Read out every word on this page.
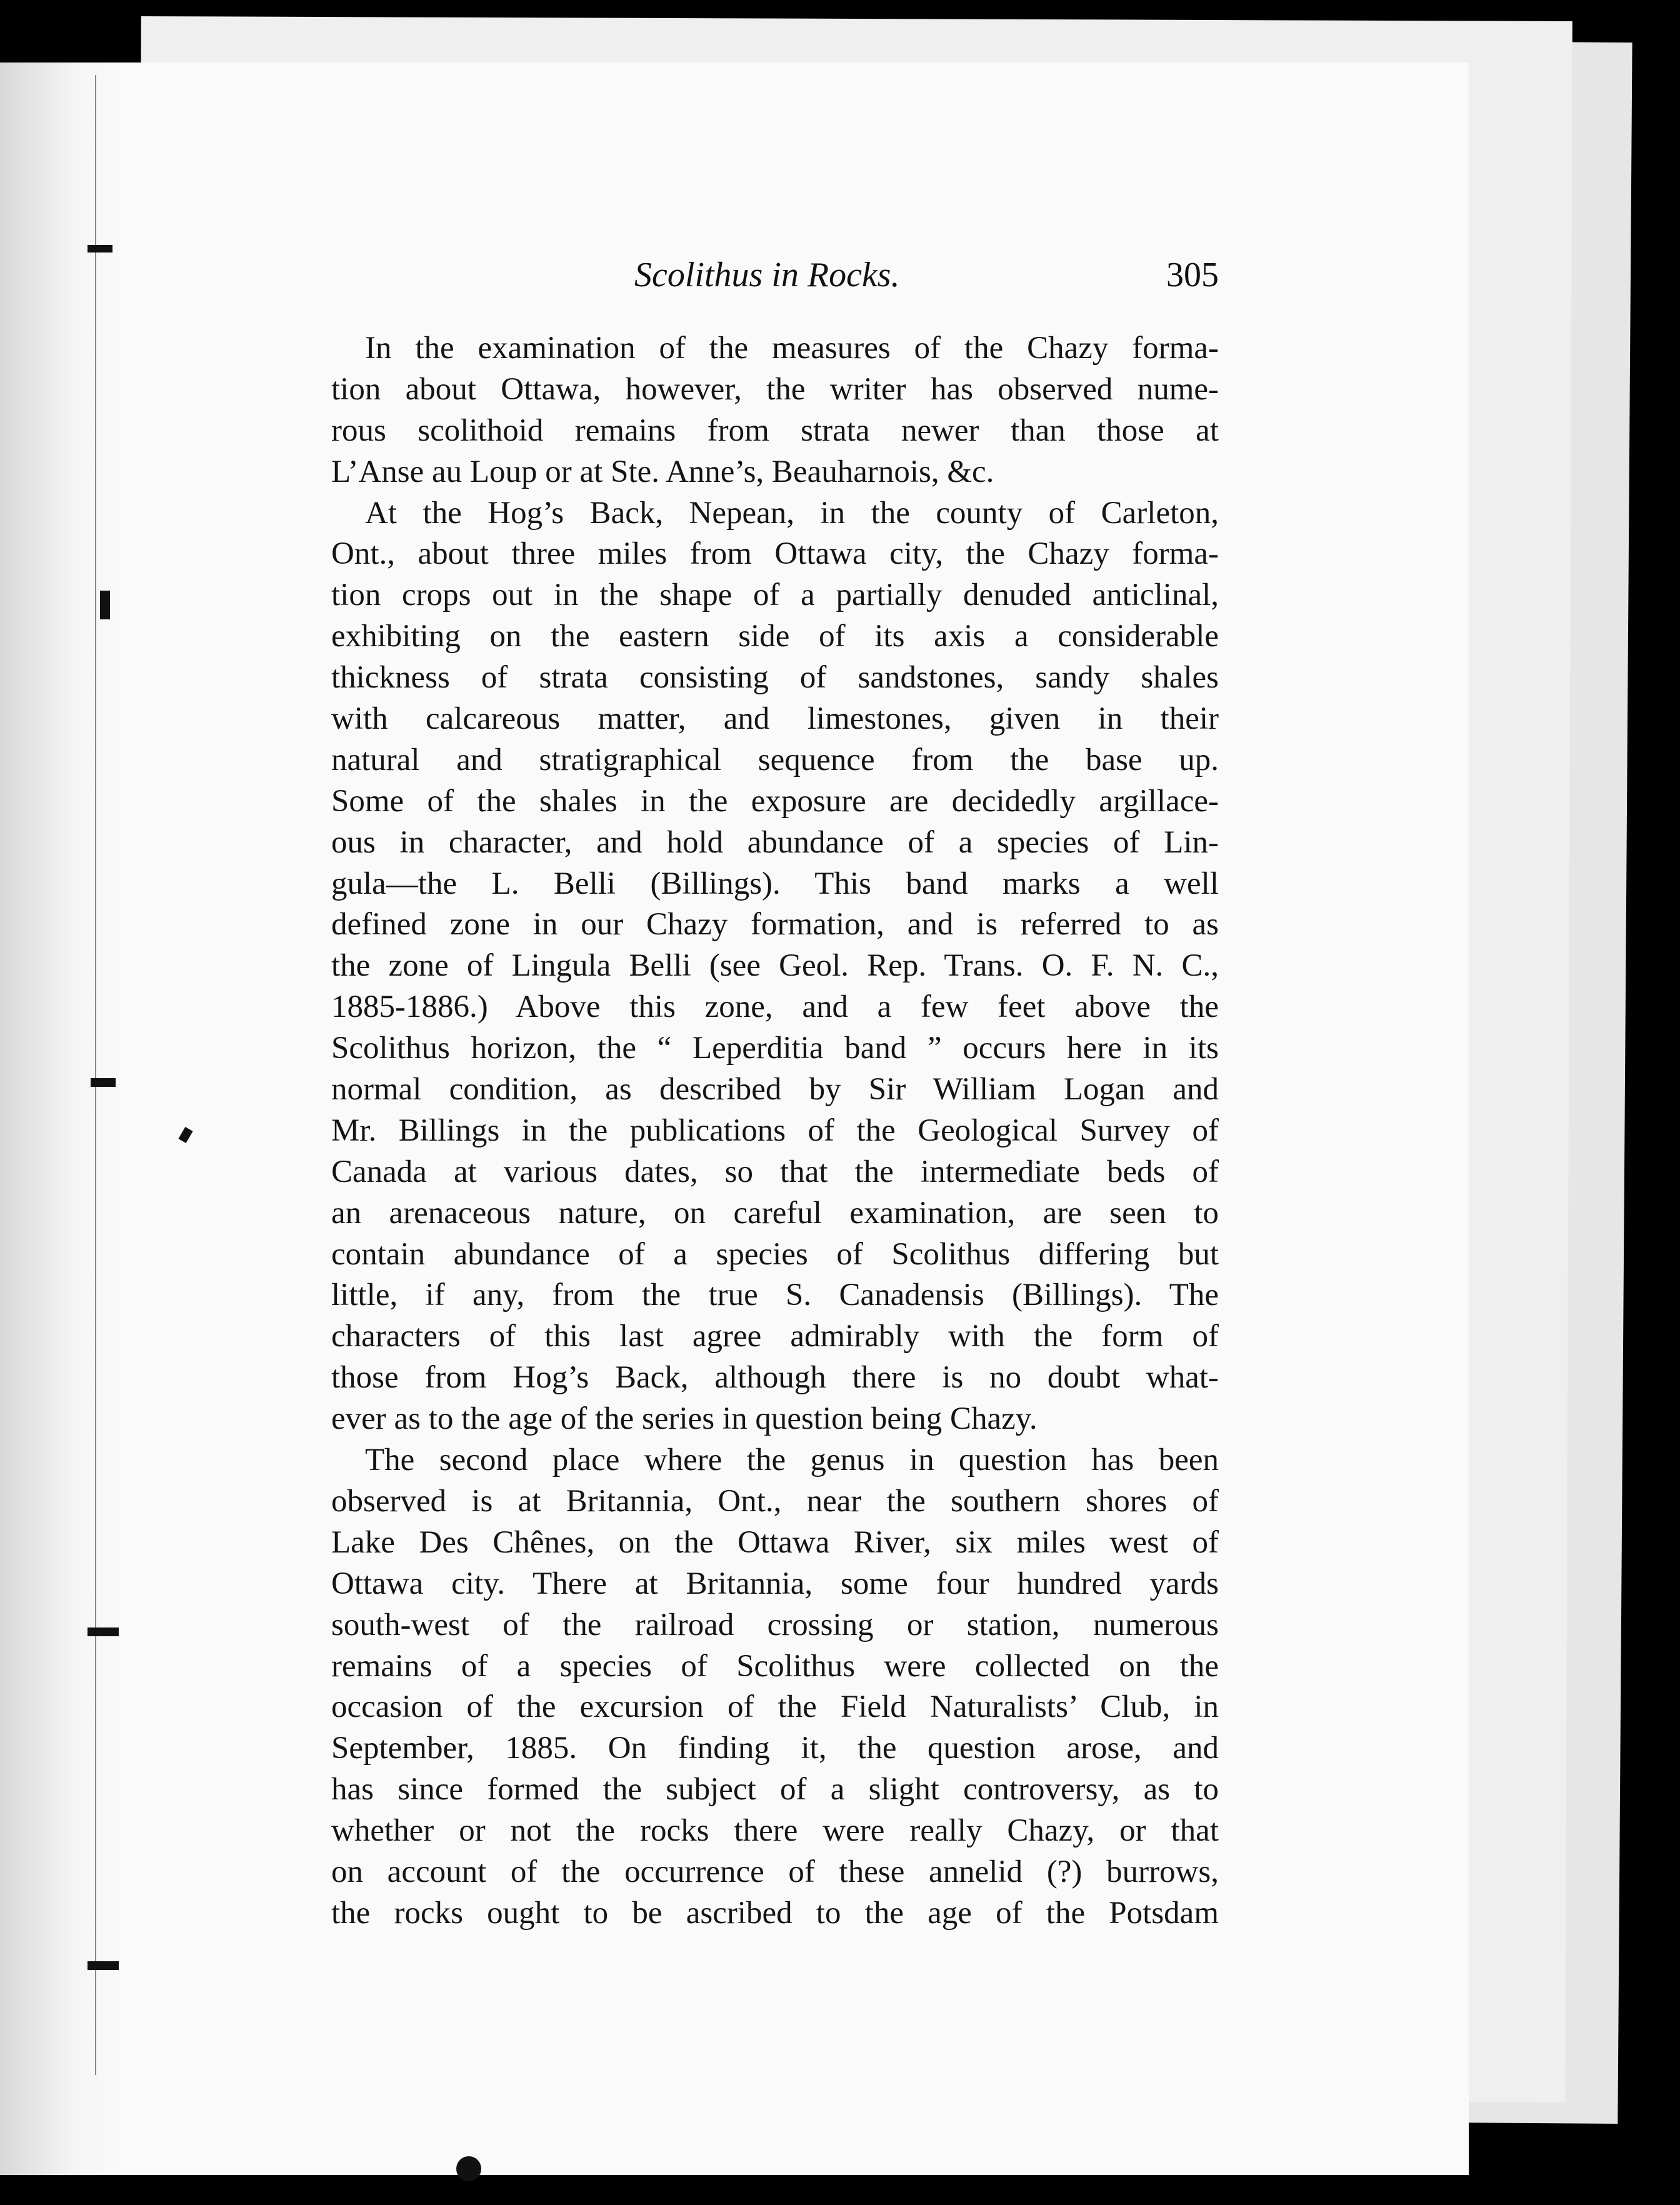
Scolithus in Rocks.	305
In the examination of the measures of the Chazy forma-
tion about Ottawa, however, the writer has observed nume-
rous scolithoid remains from strata newer than those at
L’Anse au Loup or at Ste. Anne’s, Beauharnois, &c.
At the Hog’s Back, Nepean, in the county of Carleton,
Ont., about three miles from Ottawa city, the Chazy forma-
tion crops out in the shape of a partially denuded anticlinal,
exhibiting on the eastern side of its axis a considerable
thickness of strata consisting of sandstones, sandy shales
with calcareous matter, and limestones, given in their
natural and stratigraphical sequence from the base up.
Some of the shales in the exposure are decidedly argillace-
ous in character, and hold abundance of a species of Lin-
gula—the L. Belli (Billings). This band marks a well
defined zone in our Chazy formation, and is referred to as
the zone of Lingula Belli (see Geol. Rep. Trans. O. F. N. C.,
1885-1886.) Above this zone, and a few feet above the
Scolithus horizon, the “ Leperditia band ” occurs here in its
normal condition, as described by Sir William Logan and
Mr. Billings in the publications of the Geological Survey of
Canada at various dates, so that the intermediate beds of
an arenaceous nature, on careful examination, are seen to
contain abundance of a species of Scolithus differing but
little, if any, from the true S. Canadensis (Billings). The
characters of this last agree admirably with the form of
those from Hog’s Back, although there is no doubt what-
ever as to the age of the series in question being Chazy.
The second place where the genus in question has been
observed is at Britannia, Ont., near the southern shores of
Lake Des Chênes, on the Ottawa River, six miles west of
Ottawa city. There at Britannia, some four hundred yards
south-west of the railroad crossing or station, numerous
remains of a species of Scolithus were collected on the
occasion of the excursion of the Field Naturalists’ Club, in
September, 1885. On finding it, the question arose, and
has since formed the subject of a slight controversy, as to
whether or not the rocks there were really Chazy, or that
on account of the occurrence of these annelid (?) burrows,
the rocks ought to be ascribed to the age of the Potsdam
